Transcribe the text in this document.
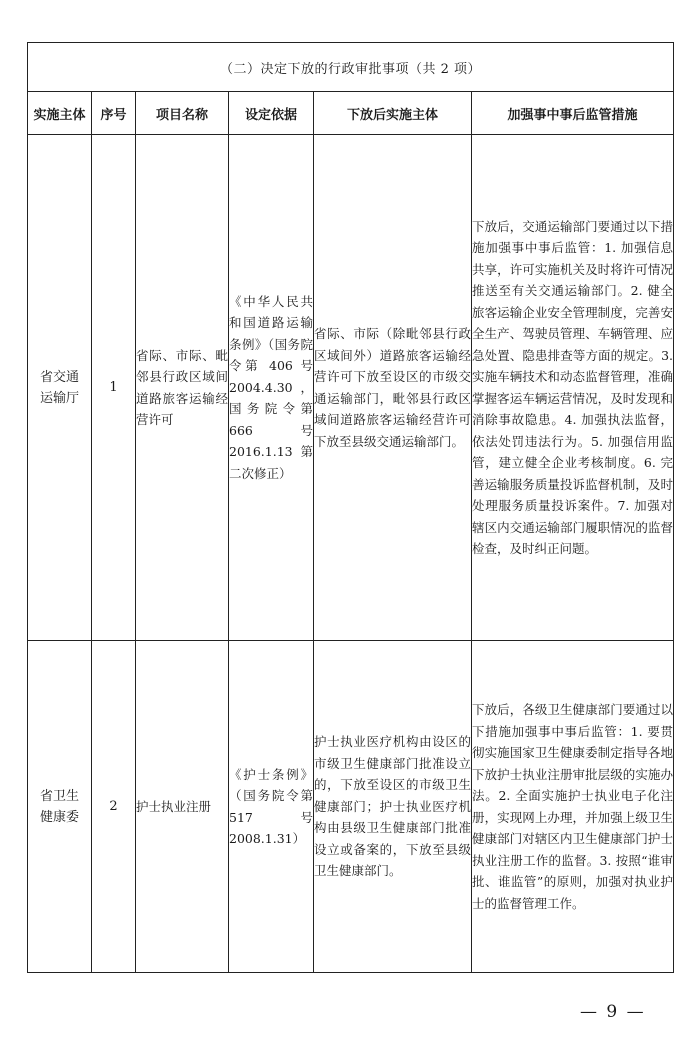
（二）决定下放的行政审批事项（共 2 项）					
实施主体	序号	项目名称	设定依据	下放后实施主体	加强事中事后监管措施

省交通
运输厅	1	省际、市际、毗邻县行政区域间道路旅客运输经营许可	《中华人民共和国道路运输条例》（国务院令第 406 号 2004.4.30，国务院令第 666 号 2016.1.13 第二次修正）	省际、市际（除毗邻县行政区域间外）道路旅客运输经营许可下放至设区的市级交通运输部门，毗邻县行政区域间道路旅客运输经营许可下放至县级交通运输部门。	下放后，交通运输部门要通过以下措施加强事中事后监管：1. 加强信息共享，许可实施机关及时将许可情况推送至有关交通运输部门。2. 健全旅客运输企业安全管理制度，完善安全生产、驾驶员管理、车辆管理、应急处置、隐患排查等方面的规定。3. 实施车辆技术和动态监督管理，准确掌握客运车辆运营情况，及时发现和消除事故隐患。4. 加强执法监督，依法处罚违法行为。5. 加强信用监管，建立健全企业考核制度。6. 完善运输服务质量投诉监督机制，及时处理服务质量投诉案件。7. 加强对辖区内交通运输部门履职情况的监督检查，及时纠正问题。

省卫生
健康委	2	护士执业注册	《护士条例》（国务院令第 517 号 2008.1.31）	护士执业医疗机构由设区的市级卫生健康部门批准设立的，下放至设区的市级卫生健康部门；护士执业医疗机构由县级卫生健康部门批准设立或备案的，下放至县级卫生健康部门。	下放后，各级卫生健康部门要通过以下措施加强事中事后监管：1. 要贯彻实施国家卫生健康委制定指导各地下放护士执业注册审批层级的实施办法。2. 全面实施护士执业电子化注册，实现网上办理，并加强上级卫生健康部门对辖区内卫生健康部门护士执业注册工作的监督。3. 按照“谁审批、谁监管”的原则，加强对执业护士的监督管理工作。
— 9 —
